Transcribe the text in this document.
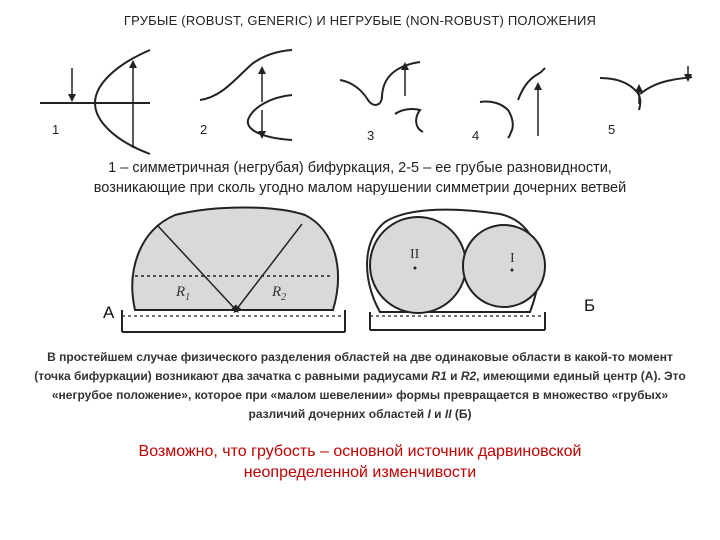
ГРУБЫЕ (ROBUST, GENERIC) И НЕГРУБЫЕ (NON-ROBUST) ПОЛОЖЕНИЯ
1	2	3	4	5
$R_1$	$R_2$
А
II	I
Б
1 – симметричная (негрубая) бифуркация, 2-5 – ее грубые разновидности,
возникающие при сколь угодно малом нарушении симметрии дочерних ветвей
В простейшем случае физического разделения областей на две одинаковые области в какой-то момент (точка бифуркации) возникают два зачатка с равными радиусами R1 и R2, имеющими единый центр (А). Это «негрубое положение», которое при «малом шевелении» формы превращается в множество «грубых» различий дочерних областей I и II (Б)
Возможно, что грубость – основной источник дарвиновской
неопределенной изменчивости
